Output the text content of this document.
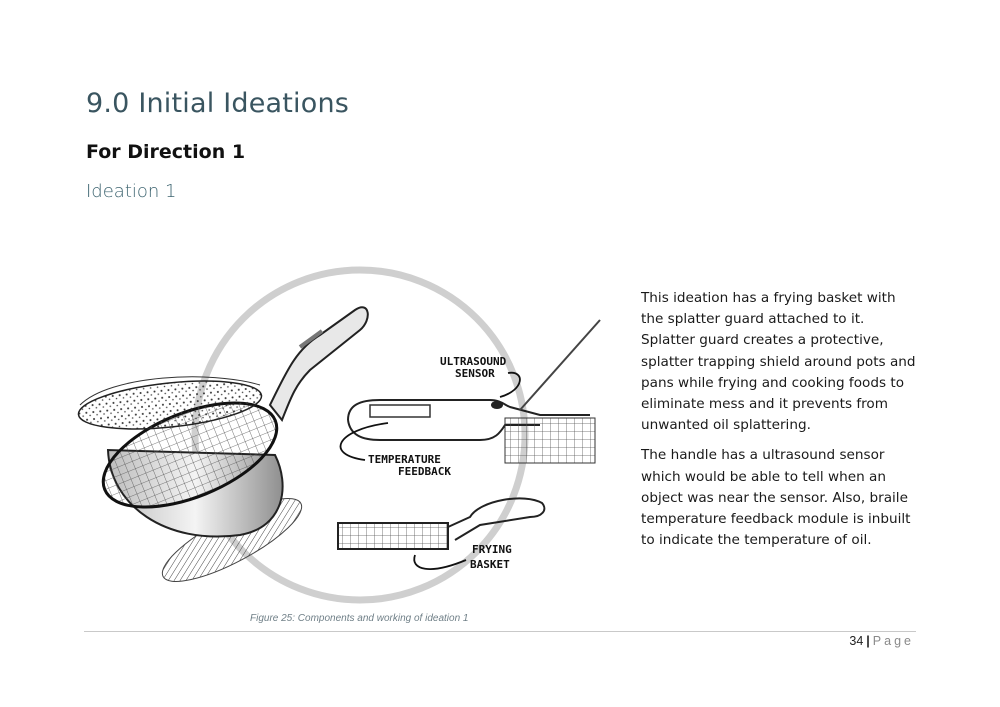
9.0 Initial Ideations
For Direction 1
Ideation 1
ULTRASOUND
SENSOR
TEMPERATURE
FEEDBACK
FRYING
BASKET

This ideation has a frying basket with the splatter guard attached to it. Splatter guard creates a protective, splatter trapping shield around pots and pans while frying and cooking foods to eliminate mess and it prevents from unwanted oil splattering.

The handle has a ultrasound sensor which would be able to tell when an object was near the sensor. Also, braile temperature feedback module is inbuilt to indicate the temperature of oil.

Figure 25: Components and working of ideation 1
34 | Page
